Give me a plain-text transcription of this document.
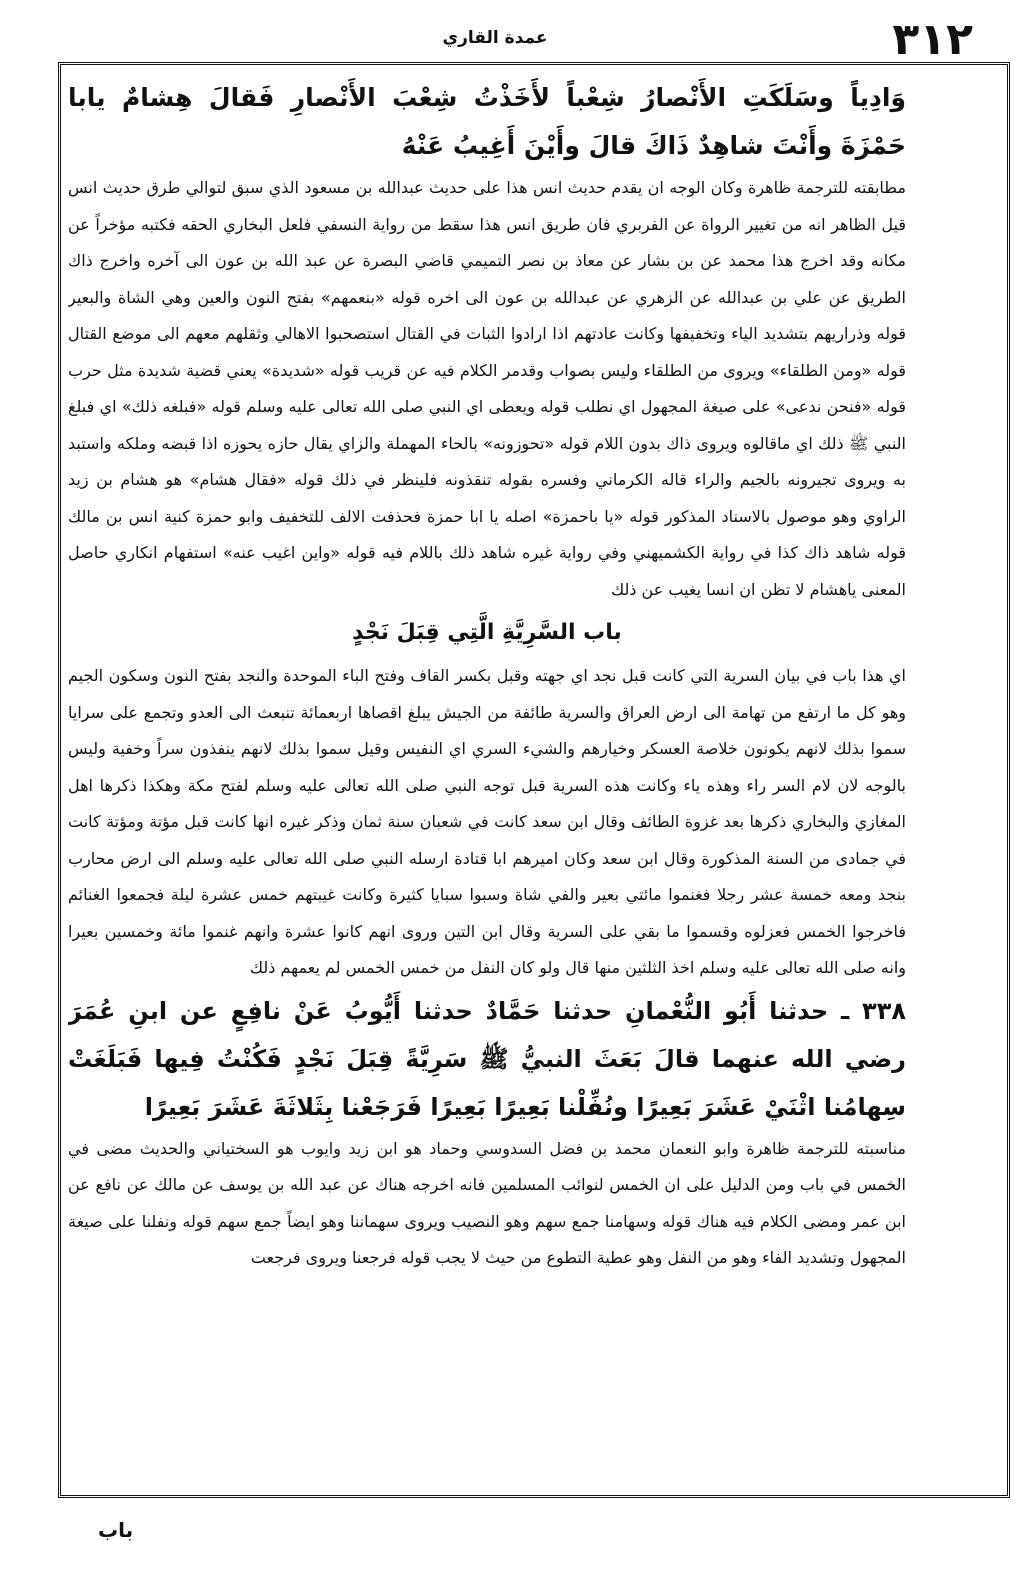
٣١٢
عمدة القاري

وَادِياً وسَلَكَتِ الأَنْصارُ شِعْباً لأَخَذْتُ شِعْبَ الأَنْصارِ فَقالَ هِشامٌ يابا حَمْزَةَ وأَنْتَ شاهِدٌ ذَاكَ قالَ وأَيْنَ أَغِيبُ عَنْهُ

مطابقته للترجمة ظاهرة وكان الوجه ان يقدم حديث انس هذا على حديث عبدالله بن مسعود الذي سبق لتوالي طرق حديث انس قيل الظاهر انه من تغيير الرواة عن الفربري فان طريق انس هذا سقط من رواية النسفي فلعل البخاري الحقه فكتبه مؤخراً عن مكانه وقد اخرج هذا محمد عن بن بشار عن معاذ بن نصر التميمي قاضي البصرة عن عبد الله بن عون الى آخره واخرج ذاك الطريق عن علي بن عبدالله عن الزهري عن عبدالله بن عون الى اخره قوله «بنعمهم» بفتح النون والعين وهي الشاة والبعير قوله وذراريهم بتشديد الياء وتخفيفها وكانت عادتهم اذا ارادوا الثبات في القتال استصحبوا الاهالي وثقلهم معهم الى موضع القتال قوله «ومن الطلقاء» ويروى من الطلقاء وليس بصواب وقدمر الكلام فيه عن قريب قوله «شديدة» يعني قضية شديدة مثل حرب قوله «فنحن ندعى» على صيغة المجهول اي نطلب قوله ويعطى اي النبي صلى الله تعالى عليه وسلم قوله «فبلغه ذلك» اي فبلغ النبي ﷺ ذلك اي ماقالوه ويروى ذاك بدون اللام قوله «تحوزونه» بالحاء المهملة والزاي يقال حازه يحوزه اذا قبضه وملكه واستبد به ويروى تجيرونه بالجيم والراء قاله الكرماني وفسره بقوله تنقذونه فلينظر في ذلك قوله «فقال هشام» هو هشام بن زيد الراوي وهو موصول بالاسناد المذكور قوله «يا باحمزة» اصله يا ابا حمزة فحذفت الالف للتخفيف وابو حمزة كنية انس بن مالك قوله شاهد ذاك كذا في رواية الكشميهني وفي رواية غيره شاهد ذلك باللام فيه قوله «واين اغيب عنه» استفهام انكاري حاصل المعنى ياهشام لا تظن ان انسا يغيب عن ذلك

باب السَّرِيَّةِ الَّتِي قِبَلَ نَجْدٍ

اي هذا باب في بيان السرية التي كانت قبل نجد اي جهته وقبل بكسر القاف وفتح الباء الموحدة والنجد بفتح النون وسكون الجيم وهو كل ما ارتفع من تهامة الى ارض العراق والسرية طائفة من الجيش يبلغ اقصاها اربعمائة تنبعث الى العدو وتجمع على سرايا سموا بذلك لانهم يكونون خلاصة العسكر وخيارهم والشيء السري اي النفيس وقيل سموا بذلك لانهم ينفذون سراً وخفية وليس بالوجه لان لام السر راء وهذه ياء وكانت هذه السرية قبل توجه النبي صلى الله تعالى عليه وسلم لفتح مكة وهكذا ذكرها اهل المغازي والبخاري ذكرها بعد غزوة الطائف وقال ابن سعد كانت في شعبان سنة ثمان وذكر غيره انها كانت قبل مؤتة ومؤتة كانت في جمادى من السنة المذكورة وقال ابن سعد وكان اميرهم ابا قتادة ارسله النبي صلى الله تعالى عليه وسلم الى ارض محارب بنجد ومعه خمسة عشر رجلا فغنموا مائتي بعير والفي شاة وسبوا سبايا كثيرة وكانت غيبتهم خمس عشرة ليلة فجمعوا الغنائم فاخرجوا الخمس فعزلوه وقسموا ما بقي على السرية وقال ابن التين وروى انهم كانوا عشرة وانهم غنموا مائة وخمسين بعيرا وانه صلى الله تعالى عليه وسلم اخذ الثلثين منها قال ولو كان النفل من خمس الخمس لم يعمهم ذلك

٣٣٨ ـ حدثنا أَبُو النُّعْمانِ حدثنا حَمَّادٌ حدثنا أَيُّوبُ عَنْ نافِعٍ عن ابنِ عُمَرَ رضي الله عنهما قالَ بَعَثَ النبيُّ ﷺ سَرِيَّةً قِبَلَ نَجْدٍ فَكُنْتُ فِيها فَبَلَغَتْ سِهامُنا اثْنَيْ عَشَرَ بَعِيرًا ونُفِّلْنا بَعِيرًا بَعِيرًا فَرَجَعْنا بِثَلاثَةَ عَشَرَ بَعِيرًا

مناسبته للترجمة ظاهرة وابو النعمان محمد بن فضل السدوسي وحماد هو ابن زيد وايوب هو السختياني والحديث مضى في الخمس في باب ومن الدليل على ان الخمس لنوائب المسلمين فانه اخرجه هناك عن عبد الله بن يوسف عن مالك عن نافع عن ابن عمر ومضى الكلام فيه هناك قوله وسهامنا جمع سهم وهو النصيب ويروى سهماننا وهو ايضاً جمع سهم قوله ونفلنا على صيغة المجهول وتشديد الفاء وهو من النفل وهو عطية التطوع من حيث لا يجب قوله فرجعنا ويروى فرجعت

باب
